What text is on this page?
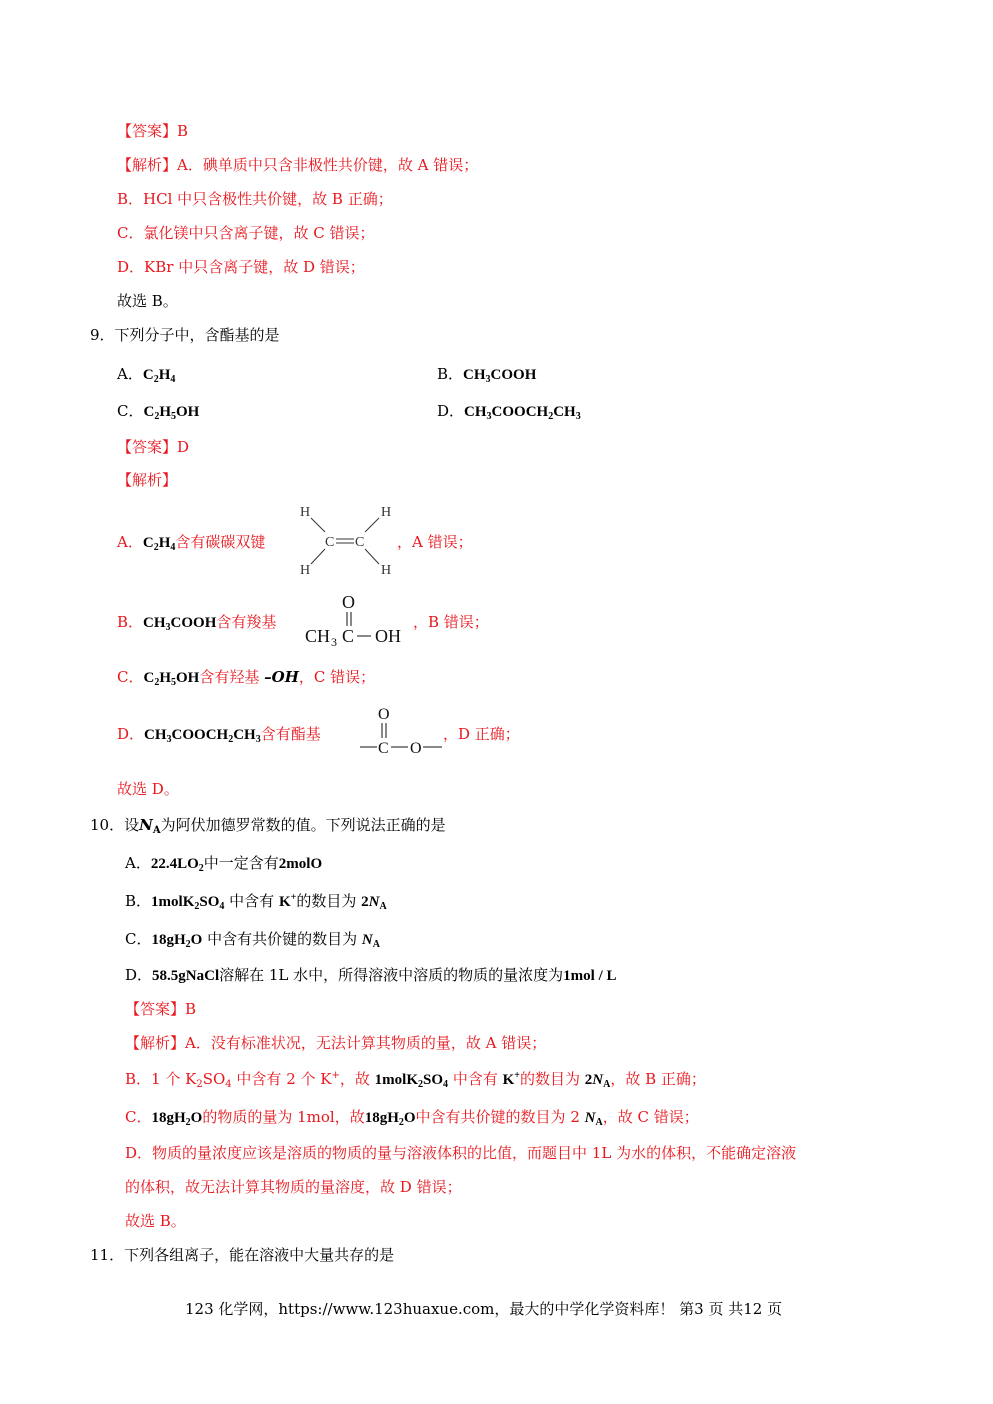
【答案】B
【解析】A．碘单质中只含非极性共价键，故 A 错误；
B．HCl 中只含极性共价键，故 B 正确；
C．氯化镁中只含离子键，故 C 错误；
D．KBr 中只含离子键，故 D 错误；
故选 B。
9．下列分子中，含酯基的是
A．$C_2H_4$	B．$CH_3COOH$
C．$C_2H_5OH$	D．$CH_3COOCH_2CH_3$
【答案】D
【解析】
A．$C_2H_4$含有碳碳双键
H	H
H	H
C C ，A 错误；
B．$CH_3COOH$含有羧基
O
CH 3 C OH
，B 错误；
C．$C_2H_5OH$含有羟基 –OH，C 错误；
D．$CH_3COOCH_2CH_3$含有酯基
O
C O
，D 正确；
故选 D。
10．设$N_A$为阿伏加德罗常数的值。下列说法正确的是
A．$22.4LO_2$中一定含有2molO
B．$1molK_2SO_4$ 中含有 K+的数目为 $2N_A$
C．$18gH_2O$ 中含有共价键的数目为 $N_A$
D．58.5gNaCl溶解在 1L 水中，所得溶液中溶质的物质的量浓度为1mol / L
【答案】B
【解析】A．没有标准状况，无法计算其物质的量，故 A 错误；
B．1 个 $K_2SO_4$ 中含有 2 个 K+，故 $1molK_2SO_4$ 中含有 K+的数目为 $2N_A$，故 B 正确；
C．$18gH_2O$的物质的量为 1mol，故$18gH_2O$中含有共价键的数目为 2 $N_A$，故 C 错误；
D．物质的量浓度应该是溶质的物质的量与溶液体积的比值，而题目中 1L 为水的体积，不能确定溶液
的体积，故无法计算其物质的量溶度，故 D 错误；
故选 B。
11．下列各组离子，能在溶液中大量共存的是
123 化学网，https://www.123huaxue.com，最大的中学化学资料库！ 第3 页 共12 页
